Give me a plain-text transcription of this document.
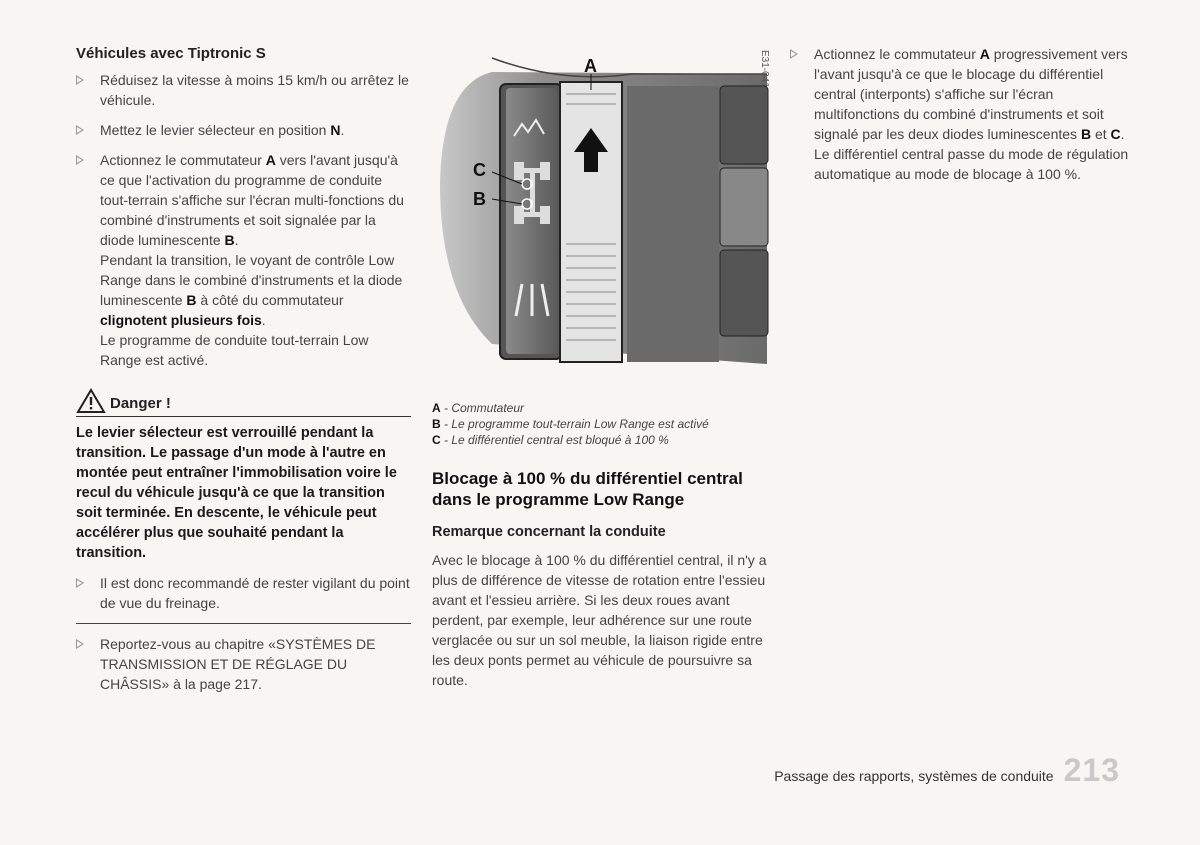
Véhicules avec Tiptronic S
Réduisez la vitesse à moins 15 km/h ou arrêtez le véhicule.
Mettez le levier sélecteur en position N.
Actionnez le commutateur A vers l'avant jusqu'à ce que l'activation du programme de conduite tout-terrain s'affiche sur l'écran multi-fonctions du combiné d'instruments et soit signalée par la diode luminescente B.
Pendant la transition, le voyant de contrôle Low Range dans le combiné d'instruments et la diode luminescente B à côté du commutateur clignotent plusieurs fois.
Le programme de conduite tout-terrain Low Range est activé.
Danger !
Le levier sélecteur est verrouillé pendant la transition. Le passage d'un mode à l'autre en montée peut entraîner l'immobilisation voire le recul du véhicule jusqu'à ce que la transition soit terminée. En descente, le véhicule peut accélérer plus que souhaité pendant la transition.
Il est donc recommandé de rester vigilant du point de vue du freinage.
Reportez-vous au chapitre «SYSTÈMES DE TRANSMISSION ET DE RÉGLAGE DU CHÂSSIS» à la page 217.
A
C
B
E31-041
A - Commutateur
B - Le programme tout-terrain Low Range est activé
C - Le différentiel central est bloqué à 100 %
Blocage à 100 % du différentiel central dans le programme Low Range
Remarque concernant la conduite
Avec le blocage à 100 % du différentiel central, il n'y a plus de différence de vitesse de rotation entre l'essieu avant et l'essieu arrière. Si les deux roues avant perdent, par exemple, leur adhérence sur une route verglacée ou sur un sol meuble, la liaison rigide entre les deux ponts permet au véhicule de poursuivre sa route.
Actionnez le commutateur A progressivement vers l'avant jusqu'à ce que le blocage du différentiel central (interponts) s'affiche sur l'écran multifonctions du combiné d'instruments et soit signalé par les deux diodes luminescentes B et C.
Le différentiel central passe du mode de régulation automatique au mode de blocage à 100 %.
Passage des rapports, systèmes de conduite 213
